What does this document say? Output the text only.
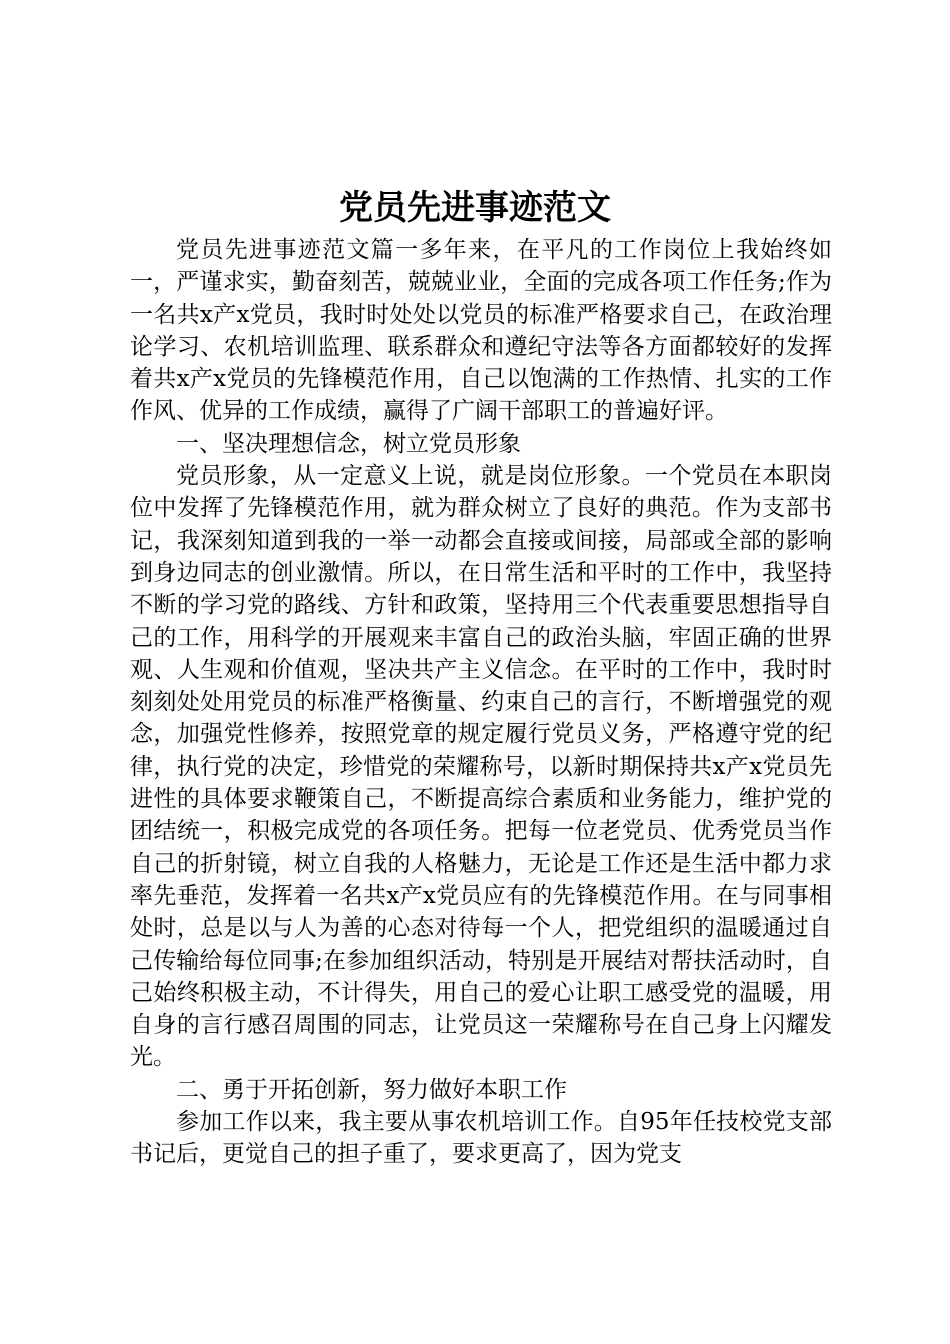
党员先进事迹范文

党员先进事迹范文篇一多年来，在平凡的工作岗位上我始终如一，严谨求实，勤奋刻苦，兢兢业业，全面的完成各项工作任务;作为一名共x产x党员，我时时处处以党员的标准严格要求自己，在政治理论学习、农机培训监理、联系群众和遵纪守法等各方面都较好的发挥着共x产x党员的先锋模范作用，自己以饱满的工作热情、扎实的工作作风、优异的工作成绩，赢得了广阔干部职工的普遍好评。

一、坚决理想信念，树立党员形象

党员形象，从一定意义上说，就是岗位形象。一个党员在本职岗位中发挥了先锋模范作用，就为群众树立了良好的典范。作为支部书记，我深刻知道到我的一举一动都会直接或间接，局部或全部的影响到身边同志的创业激情。所以，在日常生活和平时的工作中，我坚持不断的学习党的路线、方针和政策，坚持用三个代表重要思想指导自己的工作，用科学的开展观来丰富自己的政治头脑，牢固正确的世界观、人生观和价值观，坚决共产主义信念。在平时的工作中，我时时刻刻处处用党员的标准严格衡量、约束自己的言行，不断增强党的观念，加强党性修养，按照党章的规定履行党员义务，严格遵守党的纪律，执行党的决定，珍惜党的荣耀称号，以新时期保持共x产x党员先进性的具体要求鞭策自己，不断提高综合素质和业务能力，维护党的团结统一，积极完成党的各项任务。把每一位老党员、优秀党员当作自己的折射镜，树立自我的人格魅力，无论是工作还是生活中都力求率先垂范，发挥着一名共x产x党员应有的先锋模范作用。在与同事相处时，总是以与人为善的心态对待每一个人，把党组织的温暖通过自己传输给每位同事;在参加组织活动，特别是开展结对帮扶活动时，自己始终积极主动，不计得失，用自己的爱心让职工感受党的温暖，用自身的言行感召周围的同志，让党员这一荣耀称号在自己身上闪耀发光。

二、勇于开拓创新，努力做好本职工作

参加工作以来，我主要从事农机培训工作。自95年任技校党支部书记后，更觉自己的担子重了，要求更高了，因为党支
